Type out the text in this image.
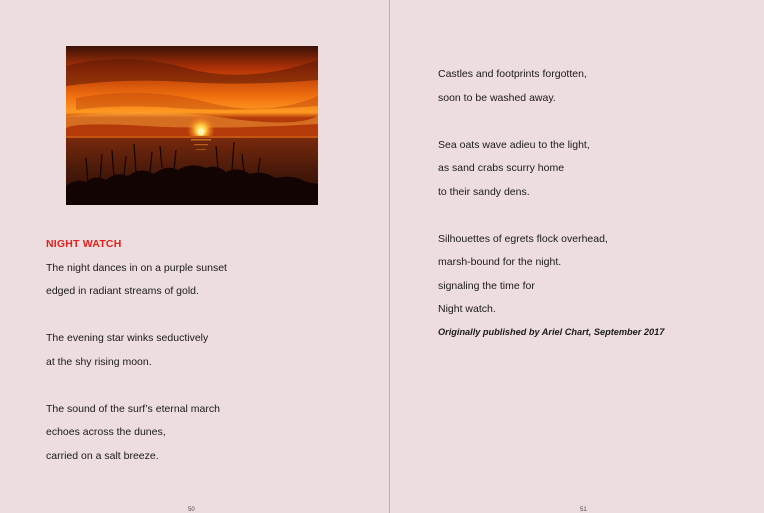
NIGHT WATCH
The night dances in on a purple sunset
edged in radiant streams of gold.
The evening star winks seductively
at the shy rising moon.
The sound of the surf’s eternal march
echoes across the dunes,
carried on a salt breeze.
50
Castles and footprints forgotten,
soon to be washed away.
Sea oats wave adieu to the light,
as sand crabs scurry home
to their sandy dens.
Silhouettes of egrets flock overhead,
marsh-bound for the night.
signaling the time for
Night watch.
Originally published by Ariel Chart, September 2017
51
